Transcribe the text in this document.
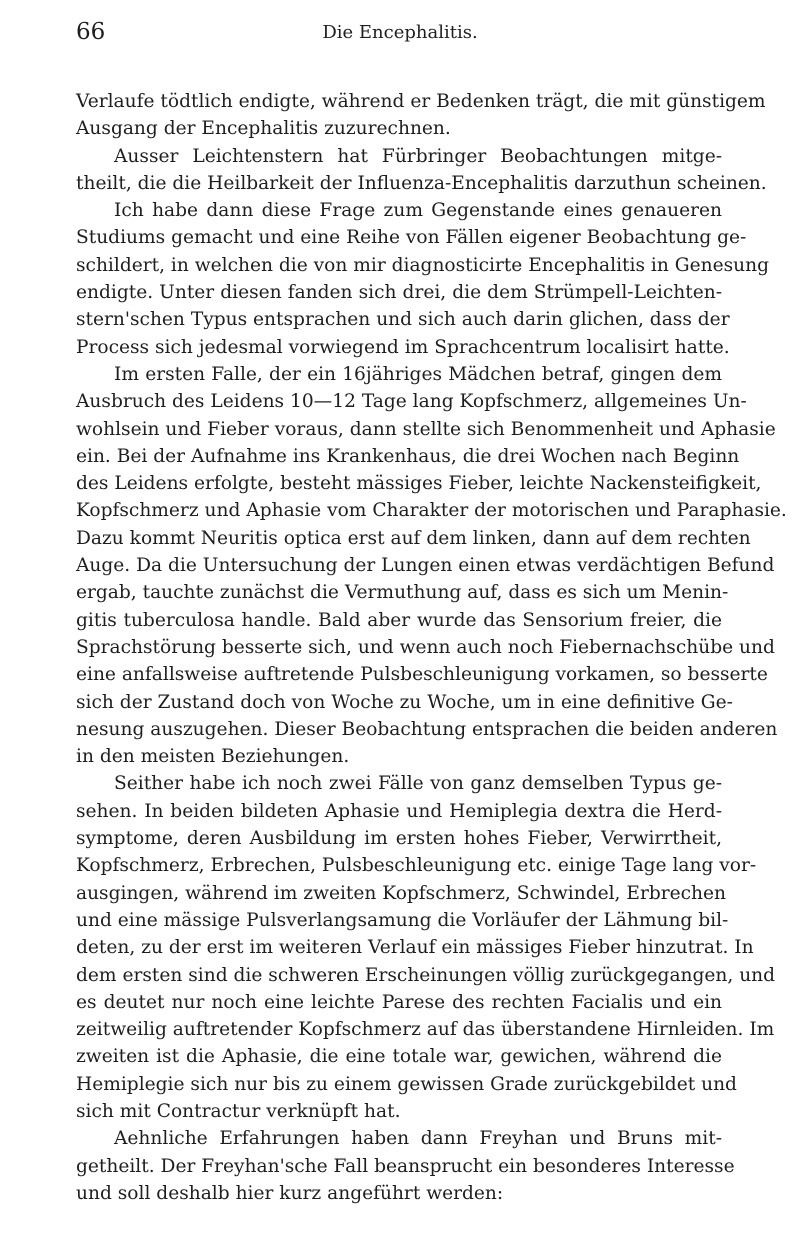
66	Die Encephalitis.
Verlaufe tödtlich endigte, während er Bedenken trägt, die mit günstigem
Ausgang der Encephalitis zuzurechnen.
Ausser Leichtenstern hat Fürbringer Beobachtungen mitge-
theilt, die die Heilbarkeit der Influenza-Encephalitis darzuthun scheinen.
Ich habe dann diese Frage zum Gegenstande eines genaueren
Studiums gemacht und eine Reihe von Fällen eigener Beobachtung ge-
schildert, in welchen die von mir diagnosticirte Encephalitis in Genesung
endigte. Unter diesen fanden sich drei, die dem Strümpell-Leichten-
stern'schen Typus entsprachen und sich auch darin glichen, dass der
Process sich jedesmal vorwiegend im Sprachcentrum localisirt hatte.
Im ersten Falle, der ein 16jähriges Mädchen betraf, gingen dem
Ausbruch des Leidens 10—12 Tage lang Kopfschmerz, allgemeines Un-
wohlsein und Fieber voraus, dann stellte sich Benommenheit und Aphasie
ein. Bei der Aufnahme ins Krankenhaus, die drei Wochen nach Beginn
des Leidens erfolgte, besteht mässiges Fieber, leichte Nackensteifigkeit,
Kopfschmerz und Aphasie vom Charakter der motorischen und Paraphasie.
Dazu kommt Neuritis optica erst auf dem linken, dann auf dem rechten
Auge. Da die Untersuchung der Lungen einen etwas verdächtigen Befund
ergab, tauchte zunächst die Vermuthung auf, dass es sich um Menin-
gitis tuberculosa handle. Bald aber wurde das Sensorium freier, die
Sprachstörung besserte sich, und wenn auch noch Fiebernachschübe und
eine anfallsweise auftretende Pulsbeschleunigung vorkamen, so besserte
sich der Zustand doch von Woche zu Woche, um in eine definitive Ge-
nesung auszugehen. Dieser Beobachtung entsprachen die beiden anderen
in den meisten Beziehungen.
Seither habe ich noch zwei Fälle von ganz demselben Typus ge-
sehen. In beiden bildeten Aphasie und Hemiplegia dextra die Herd-
symptome, deren Ausbildung im ersten hohes Fieber, Verwirrtheit,
Kopfschmerz, Erbrechen, Pulsbeschleunigung etc. einige Tage lang vor-
ausgingen, während im zweiten Kopfschmerz, Schwindel, Erbrechen
und eine mässige Pulsverlangsamung die Vorläufer der Lähmung bil-
deten, zu der erst im weiteren Verlauf ein mässiges Fieber hinzutrat. In
dem ersten sind die schweren Erscheinungen völlig zurückgegangen, und
es deutet nur noch eine leichte Parese des rechten Facialis und ein
zeitweilig auftretender Kopfschmerz auf das überstandene Hirnleiden. Im
zweiten ist die Aphasie, die eine totale war, gewichen, während die
Hemiplegie sich nur bis zu einem gewissen Grade zurückgebildet und
sich mit Contractur verknüpft hat.
Aehnliche Erfahrungen haben dann Freyhan und Bruns mit-
getheilt. Der Freyhan'sche Fall beansprucht ein besonderes Interesse
und soll deshalb hier kurz angeführt werden:
